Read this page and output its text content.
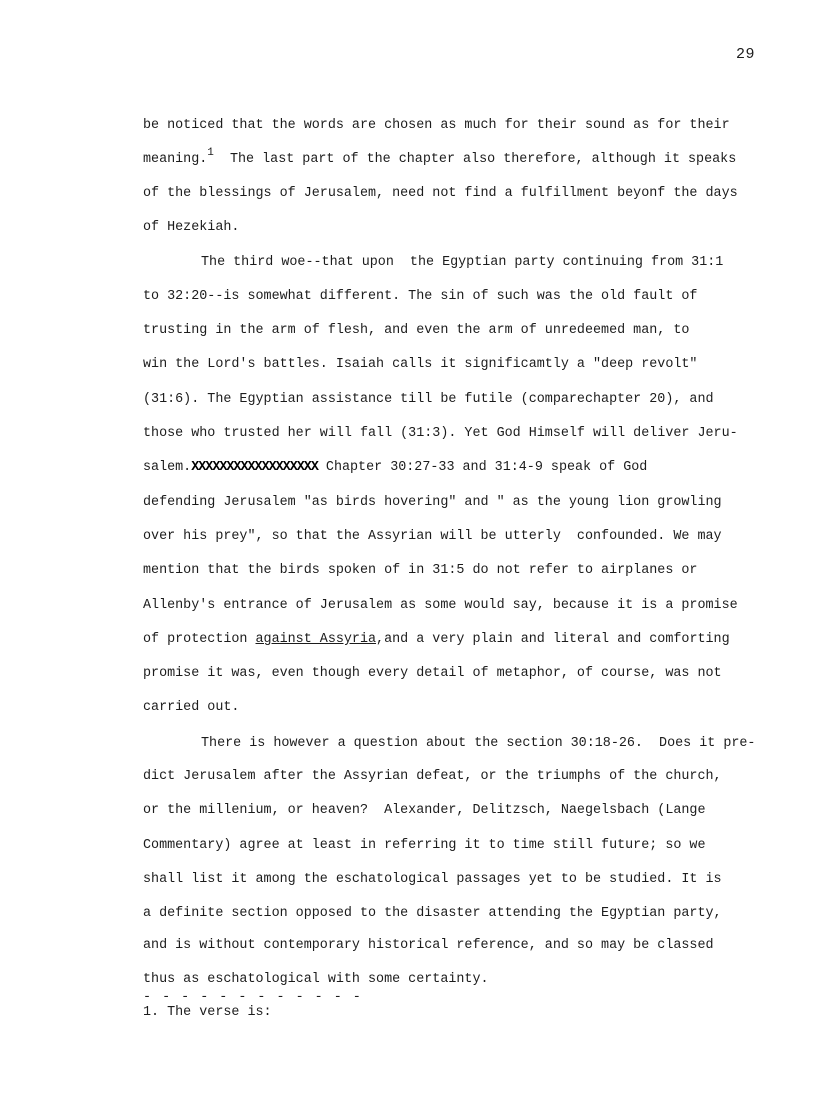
29
be noticed that the words are chosen as much for their sound as for their
meaning.$^1$  The last part of the chapter also therefore, although it speaks
of the blessings of Jerusalem, need not find a fulfillment beyonf the days
of Hezekiah.
The third woe--that upon  the Egyptian party continuing from 31:1
to 32:20--is somewhat different. The sin of such was the old fault of
trusting in the arm of flesh, and even the arm of unredeemed man, to
win the Lord's battles. Isaiah calls it significamtly a "deep revolt"
(31:6). The Egyptian assistance till be futile (comparechapter 20), and
those who trusted her will fall (31:3). Yet God Himself will deliver Jeru-
salem.XXXXXXXXXXXXXXXXXX Chapter 30:27-33 and 31:4-9 speak of God
defending Jerusalem "as birds hovering" and " as the young lion growling
over his prey", so that the Assyrian will be utterly  confounded. We may
mention that the birds spoken of in 31:5 do not refer to airplanes or
Allenby's entrance of Jerusalem as some would say, because it is a promise
of protection against Assyria,and a very plain and literal and comforting
promise it was, even though every detail of metaphor, of course, was not
carried out.
There is however a question about the section 30:18-26.  Does it pre-
dict Jerusalem after the Assyrian defeat, or the triumphs of the church,
or the millenium, or heaven?  Alexander, Delitzsch, Naegelsbach (Lange
Commentary) agree at least in referring it to time still future; so we
shall list it among the eschatological passages yet to be studied. It is
a definite section opposed to the disaster attending the Egyptian party,
and is without contemporary historical reference, and so may be classed
thus as eschatological with some certainty.
- - - - - - - - - - - -
1. The verse is:
